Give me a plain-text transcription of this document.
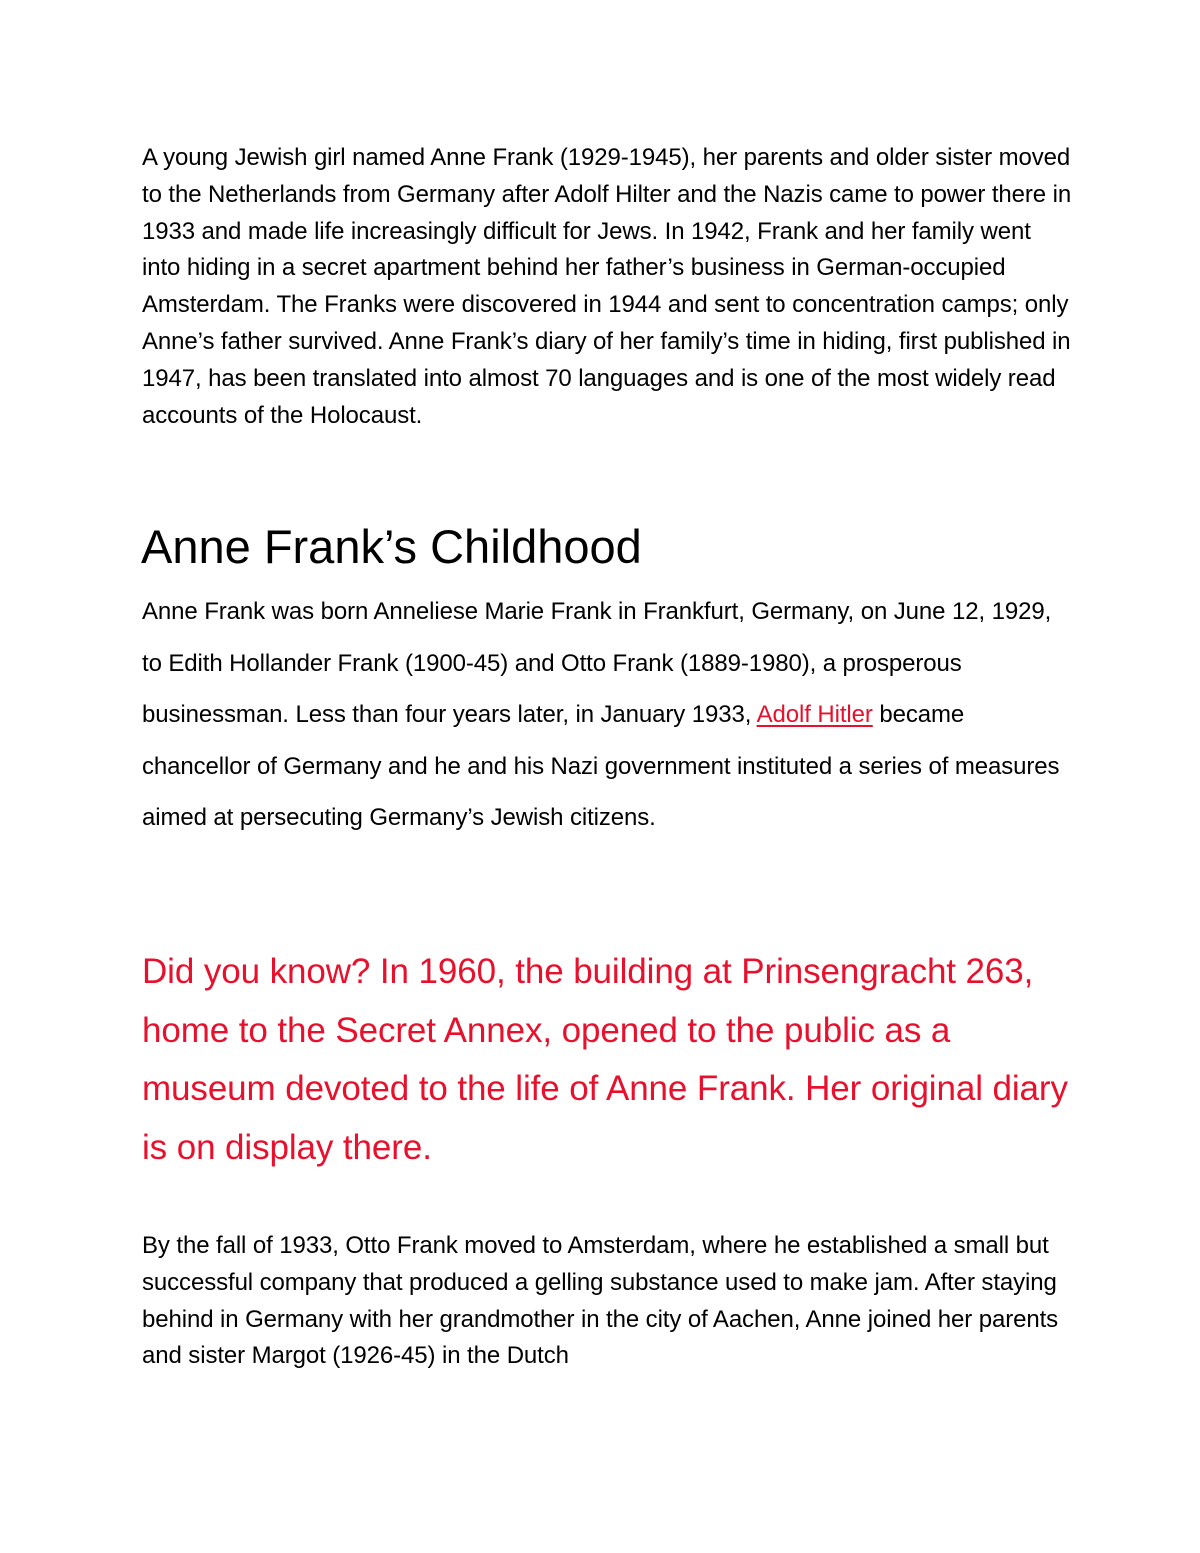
A young Jewish girl named Anne Frank (1929-1945), her parents and older sister moved to the Netherlands from Germany after Adolf Hilter and the Nazis came to power there in 1933 and made life increasingly difficult for Jews. In 1942, Frank and her family went into hiding in a secret apartment behind her father’s business in German-occupied Amsterdam. The Franks were discovered in 1944 and sent to concentration camps; only Anne’s father survived. Anne Frank’s diary of her family’s time in hiding, first published in 1947, has been translated into almost 70 languages and is one of the most widely read accounts of the Holocaust.

Anne Frank’s Childhood

Anne Frank was born Anneliese Marie Frank in Frankfurt, Germany, on June 12, 1929, to Edith Hollander Frank (1900-45) and Otto Frank (1889-1980), a prosperous businessman. Less than four years later, in January 1933, Adolf Hitler became chancellor of Germany and he and his Nazi government instituted a series of measures aimed at persecuting Germany’s Jewish citizens.

Did you know? In 1960, the building at Prinsengracht 263, home to the Secret Annex, opened to the public as a museum devoted to the life of Anne Frank. Her original diary is on display there.

By the fall of 1933, Otto Frank moved to Amsterdam, where he established a small but successful company that produced a gelling substance used to make jam. After staying behind in Germany with her grandmother in the city of Aachen, Anne joined her parents and sister Margot (1926-45) in the Dutch
